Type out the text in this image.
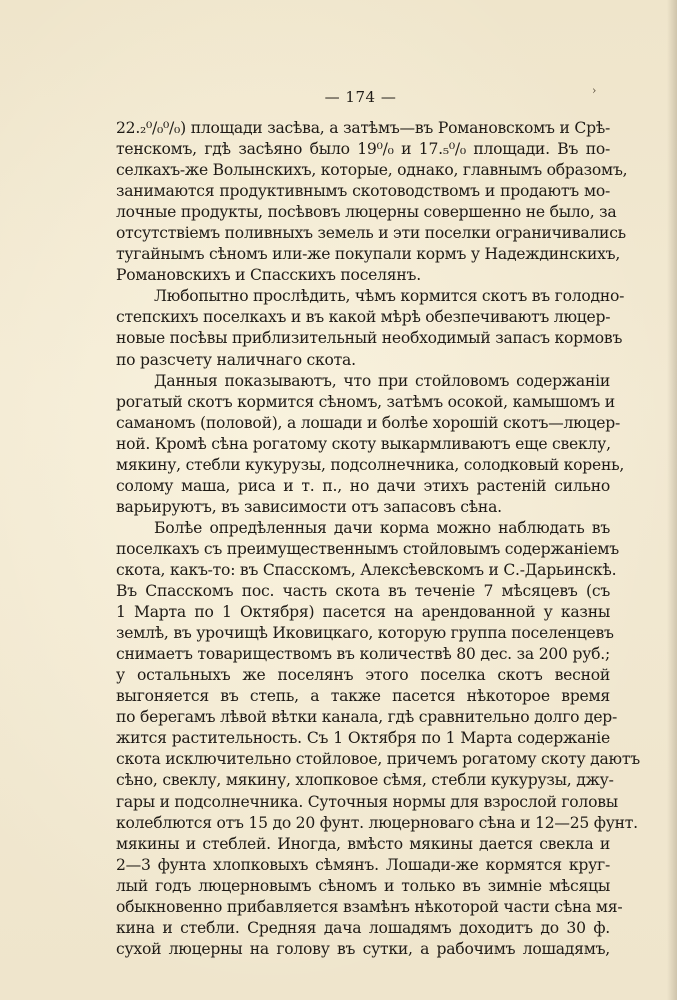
— 174 —	›
22.₂⁰/₀⁰/₀) площади засѣва, а затѣмъ—въ Романовскомъ и Срѣ-
тенскомъ, гдѣ засѣяно было 19⁰/₀ и 17.₅⁰/₀ площади. Въ по-
селкахъ-же Волынскихъ, которые, однако, главнымъ образомъ,
занимаются продуктивнымъ скотоводствомъ и продаютъ мо-
лочные продукты, посѣвовъ люцерны совершенно не было, за
отсутствіемъ поливныхъ земель и эти поселки ограничивались
тугайнымъ сѣномъ или-же покупали кормъ у Надеждинскихъ,
Романовскихъ и Спасскихъ поселянъ.
Любопытно прослѣдить, чѣмъ кормится скотъ въ голодно-
степскихъ поселкахъ и въ какой мѣрѣ обезпечиваютъ люцер-
новые посѣвы приблизительный необходимый запасъ кормовъ
по разсчету наличнаго скота.
Данныя показываютъ, что при стойловомъ содержаніи
рогатый скотъ кормится сѣномъ, затѣмъ осокой, камышомъ и
саманомъ (половой), а лошади и болѣе хорошій скотъ—люцер-
ной. Кромѣ сѣна рогатому скоту выкармливаютъ еще свеклу,
мякину, стебли кукурузы, подсолнечника, солодковый корень,
солому маша, риса и т. п., но дачи этихъ растеній сильно
варьируютъ, въ зависимости отъ запасовъ сѣна.
Болѣе опредѣленныя дачи корма можно наблюдать въ
поселкахъ съ преимущественнымъ стойловымъ содержаніемъ
скота, какъ-то: въ Спасскомъ, Алексѣевскомъ и С.-Дарьинскѣ.
Въ Спасскомъ пос. часть скота въ теченіе 7 мѣсяцевъ (съ
1 Марта по 1 Октября) пасется на арендованной у казны
землѣ, въ урочищѣ Иковицкаго, которую группа поселенцевъ
снимаетъ товариществомъ въ количествѣ 80 дес. за 200 руб.;
у остальныхъ же поселянъ этого поселка скотъ весной
выгоняется въ степь, а также пасется нѣкоторое время
по берегамъ лѣвой вѣтки канала, гдѣ сравнительно долго дер-
жится растительность. Съ 1 Октября по 1 Марта содержаніе
скота исключительно стойловое, причемъ рогатому скоту даютъ
сѣно, свеклу, мякину, хлопковое сѣмя, стебли кукурузы, джу-
гары и подсолнечника. Суточныя нормы для взрослой головы
колеблются отъ 15 до 20 фунт. люцерноваго сѣна и 12—25 фунт.
мякины и стеблей. Иногда, вмѣсто мякины дается свекла и
2—3 фунта хлопковыхъ сѣмянъ. Лошади-же кормятся круг-
лый годъ люцерновымъ сѣномъ и только въ зимніе мѣсяцы
обыкновенно прибавляется взамѣнъ нѣкоторой части сѣна мя-
кина и стебли. Средняя дача лошадямъ доходитъ до 30 ф.
сухой люцерны на голову въ сутки, а рабочимъ лошадямъ,
